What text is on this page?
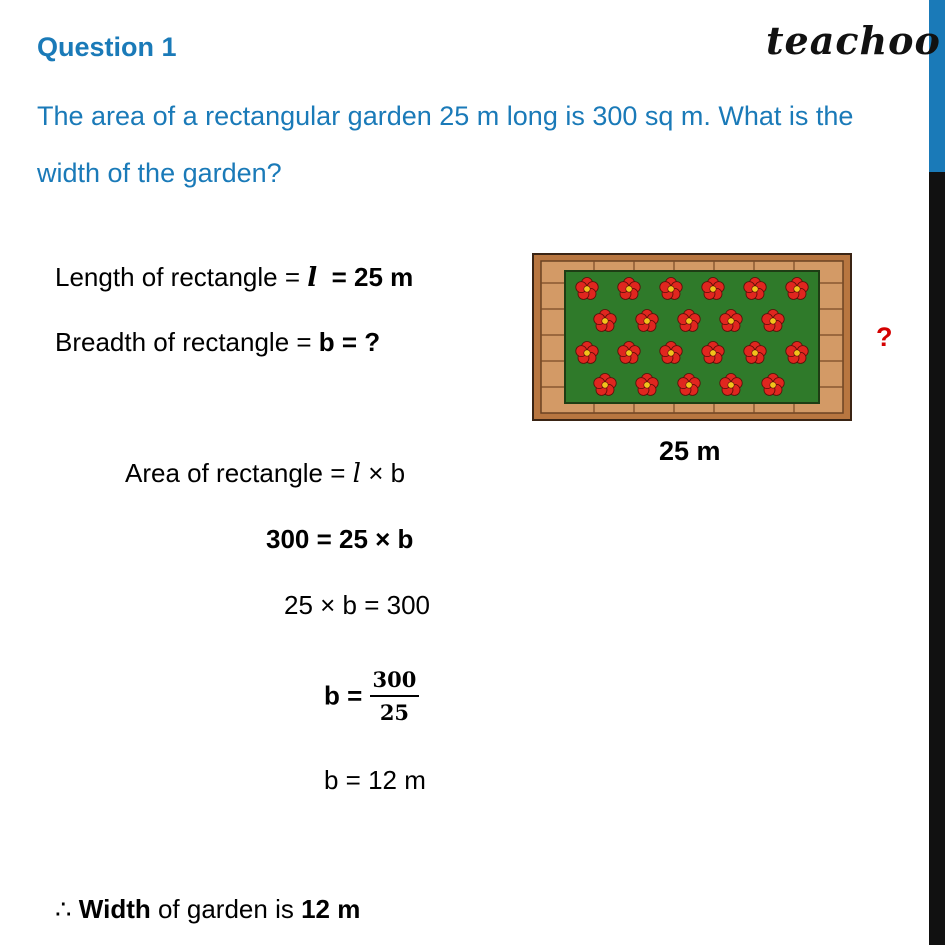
Question 1	teachoo
The area of a rectangular garden 25 m long is 300 sq m. What is the width of the garden?
Length of rectangle = l = 25 m
Breadth of rectangle = b = ?	?
25 m
Area of rectangle = l × b
300 = 25 × b
25 × b = 300
$b = \frac{300}{25}$
b = 12 m
∴ Width of garden is 12 m
